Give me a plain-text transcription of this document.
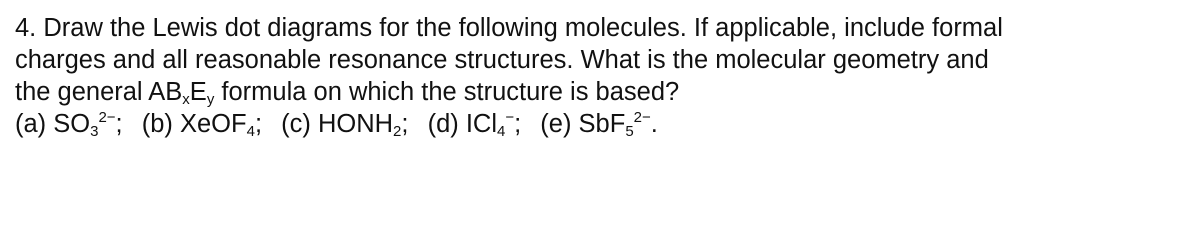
4. Draw the Lewis dot diagrams for the following molecules. If applicable, include formal
charges and all reasonable resonance structures. What is the molecular geometry and
the general $AB_xE_y$ formula on which the structure is based?
(a) $SO_3^{2-}$; (b) XeOF$_4$; (c) $HONH_2$; (d) ICl$_4$−; (e) SbF$_5^{2-}$.
